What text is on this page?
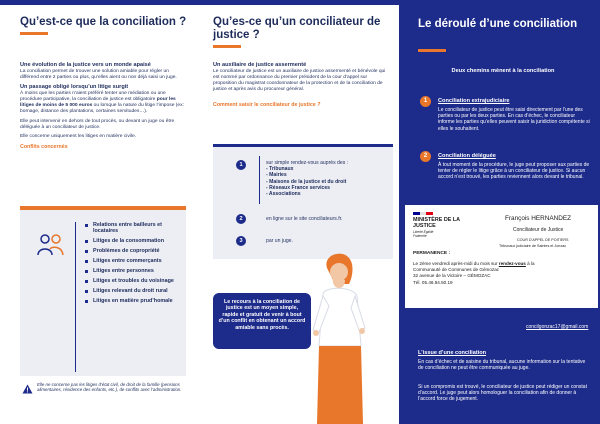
Qu’est-ce que la conciliation ?
Une évolution de la justice vers un monde apaisé

La conciliation permet de trouver une solution amiable pour régler un différend entre 2 parties ou plus, qu’elles aient ou non déjà saisi un juge.

Un passage obligé lorsqu’un litige surgit

À moins que les parties n’aient préféré tenter une médiation ou une procédure participative, la conciliation de justice est obligatoire pour les litiges de moins de 5 000 euros ou lorsque la nature du litige l’impose (ex: bornage, distance des plantations, certaines servitudes…).

Elle peut intervenir en dehors de tout procès, ou devant un juge ou être déléguée à un conciliateur de justice.

Elle concerne uniquement les litiges en matière civile.

Conflits concernés
Relations entre bailleurs et locataires
Litiges de la consommation
Problèmes de copropriété
Litiges entre commerçants
Litiges entre personnes
Litiges et troubles du voisinage
Litiges relevant du droit rural
Litiges en matière prud’homale
Elle ne concerne pas les litiges d’état civil, de droit de la famille (pensions alimentaires, résidence des enfants, etc.), de conflits avec l’administration.
Qu’es-ce qu’un conciliateur de justice ?
Un auxiliaire de justice assermenté

Le conciliateur de justice est un auxiliaire de justice assermenté et bénévole qui est nommé par ordonnance du premier président de la cour d’appel sur proposition du magistrat coordonnateur de la protection et de la conciliation de justice et après avis du procureur général.

Comment saisir le conciliateur de justice ?
1	sur simple rendez-vous auprès des :
- Tribunaux
- Mairies
- Maisons de la justice et du droit
- Réseaux France services
- Associations
2	en ligne sur le site conciliateurs.fr.
3	par un juge.
Le recours à la conciliation de justice est un moyen simple, rapide et gratuit de venir à bout d’un conflit en obtenant un accord amiable sans procès.
Le déroulé d’une conciliation
Deux chemins mènent à la conciliation
1	Conciliation extrajudiciaire
Le conciliateur de justice peut être saisi directement par l’une des parties ou par les deux parties. En cas d’échec, le conciliateur informe les parties qu’elles peuvent saisir la juridiction compétente si elles le souhaitent.
2	Conciliation déléguée
À tout moment de la procédure, le juge peut proposer aux parties de tenter de régler le litige grâce à un conciliateur de justice. Si aucun accord n’est trouvé, les parties reviennent alors devant le tribunal.
MINISTÈRE DE LA JUSTICE
Liberté Égalité Fraternité
François HERNANDEZ
Conciliateur de Justice
COUR D’APPEL DE POITIERS
Tribunaux judiciaire de Saintes et Jonzac
PERMANENCE :
Le 2ème vendredi après-midi du mois sur rendez-vous à la
Communauté de Communes de Gémozac
32 avenue de la Victoire – GÉMOZAC
Tél. 05.46.94.50.19
concilgonzac17@gmail.com
L’issue d’une conciliation
En cas d’échec et de saisine du tribunal, aucune information sur la tentative de conciliation ne peut être communiquée au juge.
Si un compromis est trouvé, le conciliateur de justice peut rédiger un constat d’accord. Le juge peut alors homologuer la conciliation afin de donner à l’accord force de jugement.
